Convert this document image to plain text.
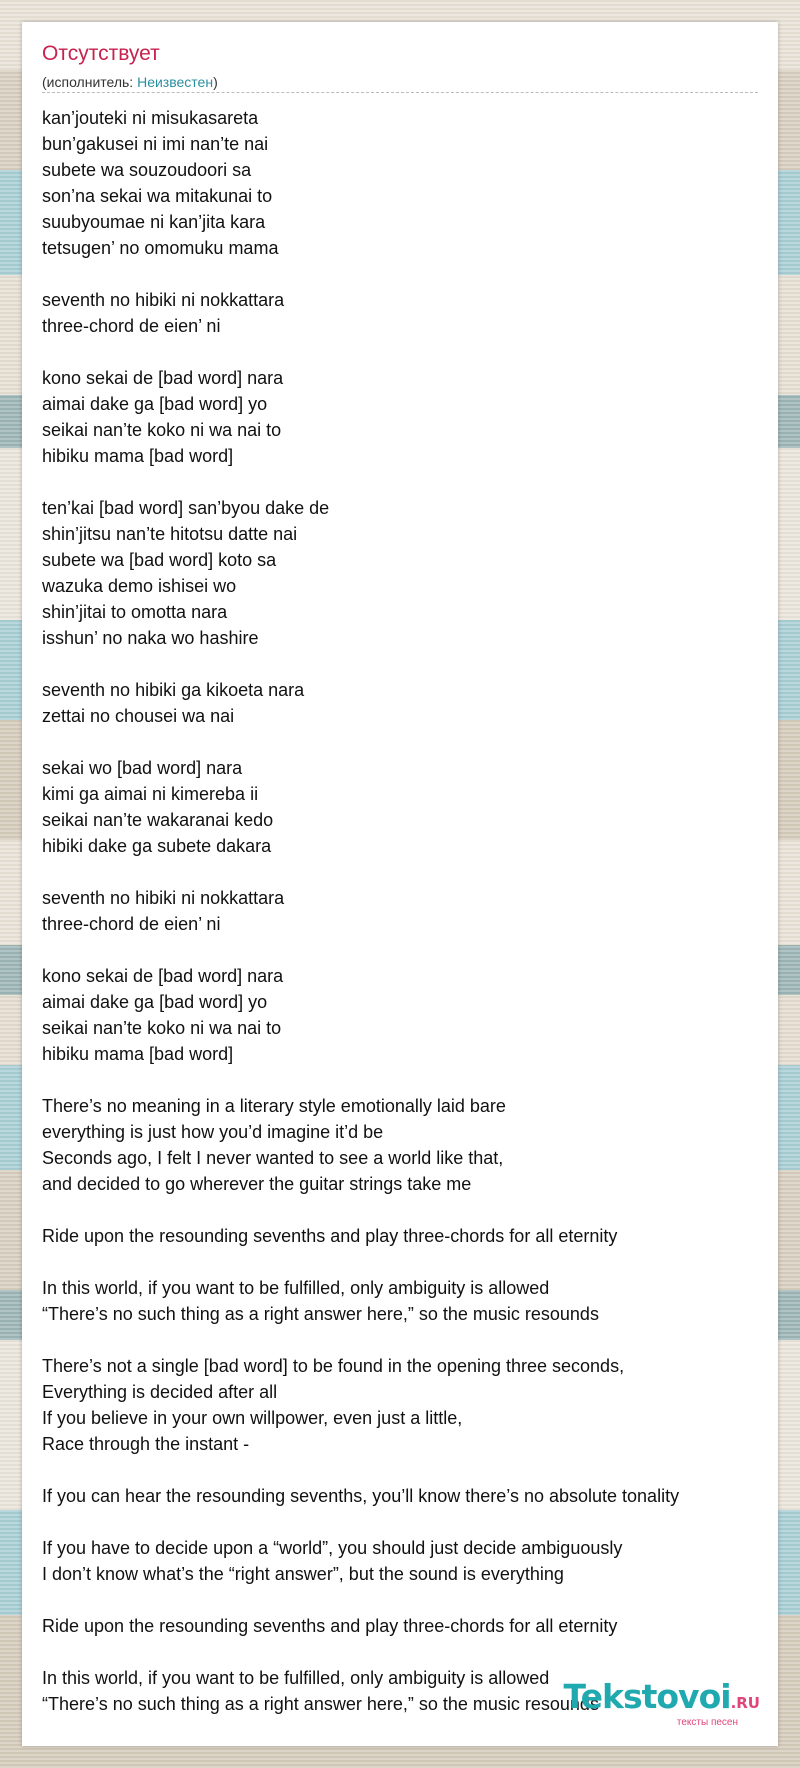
Отсутствует
(исполнитель: Неизвестен)
kan’jouteki ni misukasareta
bun’gakusei ni imi nan’te nai
subete wa souzoudoori sa
son’na sekai wa mitakunai to
suubyoumae ni kan’jita kara
tetsugen’ no omomuku mama
seventh no hibiki ni nokkattara
three-chord de eien’ ni
kono sekai de [bad word] nara
aimai dake ga [bad word] yo
seikai nan’te koko ni wa nai to
hibiku mama [bad word]
ten’kai [bad word] san’byou dake de
shin’jitsu nan’te hitotsu datte nai
subete wa [bad word] koto sa
wazuka demo ishisei wo
shin’jitai to omotta nara
isshun’ no naka wo hashire
seventh no hibiki ga kikoeta nara
zettai no chousei wa nai
sekai wo [bad word] nara
kimi ga aimai ni kimereba ii
seikai nan’te wakaranai kedo
hibiki dake ga subete dakara
seventh no hibiki ni nokkattara
three-chord de eien’ ni
kono sekai de [bad word] nara
aimai dake ga [bad word] yo
seikai nan’te koko ni wa nai to
hibiku mama [bad word]
There’s no meaning in a literary style emotionally laid bare
everything is just how you’d imagine it’d be
Seconds ago, I felt I never wanted to see a world like that,
and decided to go wherever the guitar strings take me
Ride upon the resounding sevenths and play three-chords for all eternity
In this world, if you want to be fulfilled, only ambiguity is allowed
“There’s no such thing as a right answer here,” so the music resounds
There’s not a single [bad word] to be found in the opening three seconds,
Everything is decided after all
If you believe in your own willpower, even just a little,
Race through the instant -
If you can hear the resounding sevenths, you’ll know there’s no absolute tonality
If you have to decide upon a “world”, you should just decide ambiguously
I don’t know what’s the “right answer”, but the sound is everything
Ride upon the resounding sevenths and play three-chords for all eternity
In this world, if you want to be fulfilled, only ambiguity is allowed
“There’s no such thing as a right answer here,” so the music resounds
Tekstovoi.RU
тексты песен
